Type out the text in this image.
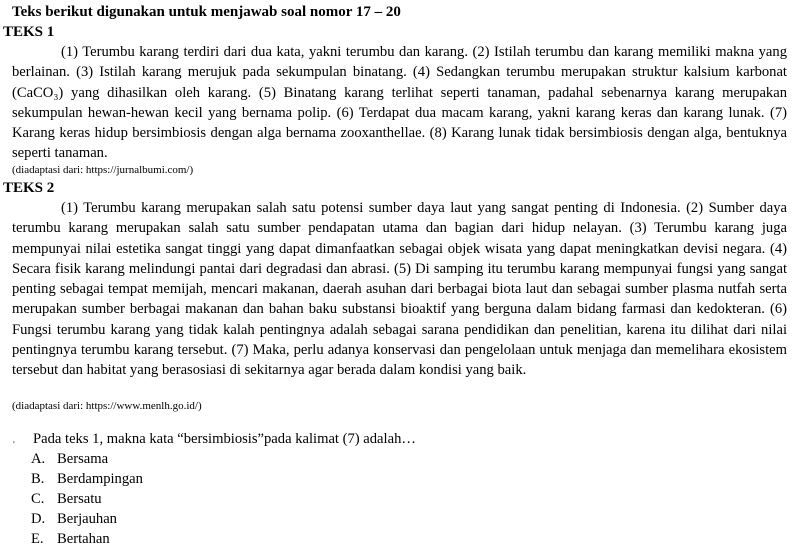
Teks berikut digunakan untuk menjawab soal nomor 17 – 20
TEKS 1

(1) Terumbu karang terdiri dari dua kata, yakni terumbu dan karang. (2) Istilah terumbu dan karang memiliki makna yang berlainan. (3) Istilah karang merujuk pada sekumpulan binatang. (4) Sedangkan terumbu merupakan struktur kalsium karbonat (CaCO₃) yang dihasilkan oleh karang. (5) Binatang karang terlihat seperti tanaman, padahal sebenarnya karang merupakan sekumpulan hewan-hewan kecil yang bernama polip. (6) Terdapat dua macam karang, yakni karang keras dan karang lunak. (7) Karang keras hidup bersimbiosis dengan alga bernama zooxanthellae. (8) Karang lunak tidak bersimbiosis dengan alga, bentuknya seperti tanaman.

(diadaptasi dari: https://jurnalbumi.com/)
TEKS 2

(1) Terumbu karang merupakan salah satu potensi sumber daya laut yang sangat penting di Indonesia. (2) Sumber daya terumbu karang merupakan salah satu sumber pendapatan utama dan bagian dari hidup nelayan. (3) Terumbu karang juga mempunyai nilai estetika sangat tinggi yang dapat dimanfaatkan sebagai objek wisata yang dapat meningkatkan devisi negara. (4) Secara fisik karang melindungi pantai dari degradasi dan abrasi. (5) Di samping itu terumbu karang mempunyai fungsi yang sangat penting sebagai tempat memijah, mencari makanan, daerah asuhan dari berbagai biota laut dan sebagai sumber plasma nutfah serta merupakan sumber berbagai makanan dan bahan baku substansi bioaktif yang berguna dalam bidang farmasi dan kedokteran. (6) Fungsi terumbu karang yang tidak kalah pentingnya adalah sebagai sarana pendidikan dan penelitian, karena itu dilihat dari nilai pentingnya terumbu karang tersebut. (7) Maka, perlu adanya konservasi dan pengelolaan untuk menjaga dan memelihara ekosistem tersebut dan habitat yang berasosiasi di sekitarnya agar berada dalam kondisi yang baik.

(diadaptasi dari: https://www.menlh.go.id/)
. Pada teks 1, makna kata “bersimbiosis”pada kalimat (7) adalah…
A. Bersama
B. Berdampingan
C. Bersatu
D. Berjauhan
E. Bertahan
